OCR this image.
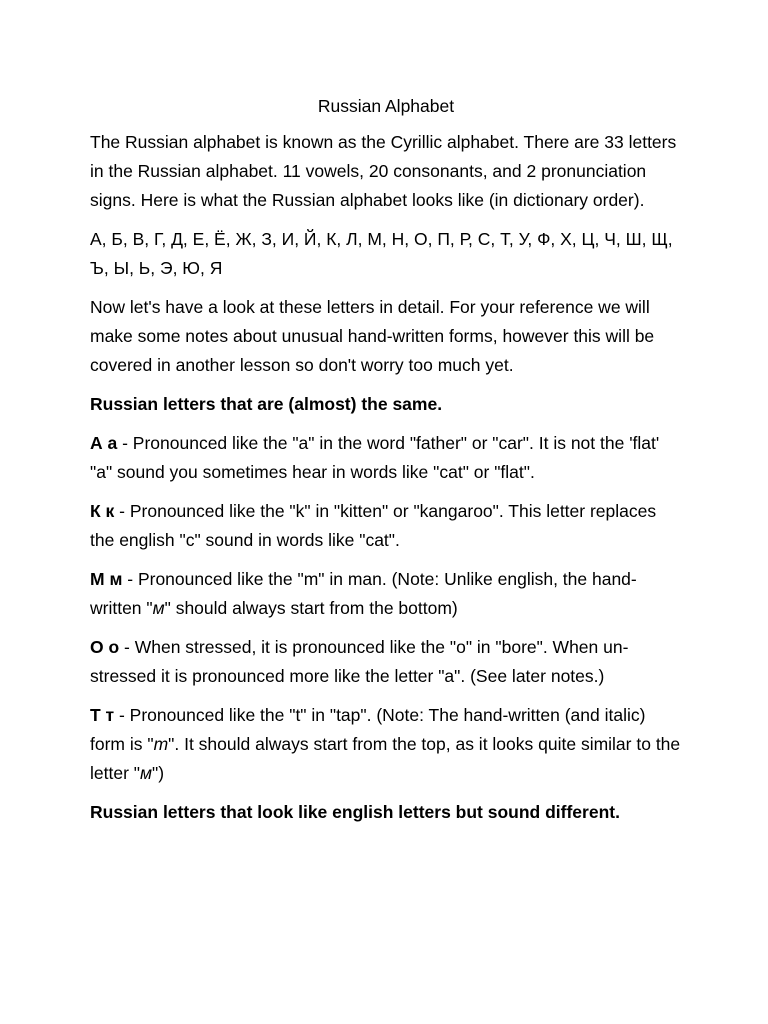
Russian Alphabet

The Russian alphabet is known as the Cyrillic alphabet. There are 33 letters in the Russian alphabet. 11 vowels, 20 consonants, and 2 pronunciation signs. Here is what the Russian alphabet looks like (in dictionary order).

А, Б, В, Г, Д, Е, Ё, Ж, З, И, Й, К, Л, М, Н, О, П, Р, С, Т, У, Ф, Х, Ц, Ч, Ш, Щ, Ъ, Ы, Ь, Э, Ю, Я

Now let's have a look at these letters in detail. For your reference we will make some notes about unusual hand-written forms, however this will be covered in another lesson so don't worry too much yet.

Russian letters that are (almost) the same.

А а - Pronounced like the "a" in the word "father" or "car". It is not the 'flat' "a" sound you sometimes hear in words like "cat" or "flat".

К к - Pronounced like the "k" in "kitten" or "kangaroo". This letter replaces the english "c" sound in words like "cat".

М м - Pronounced like the "m" in man. (Note: Unlike english, the hand-written "м" should always start from the bottom)

О о - When stressed, it is pronounced like the "o" in "bore". When un-stressed it is pronounced more like the letter "a". (See later notes.)

Т т - Pronounced like the "t" in "tap". (Note: The hand-written (and italic) form is "т". It should always start from the top, as it looks quite similar to the letter "м")

Russian letters that look like english letters but sound different.
